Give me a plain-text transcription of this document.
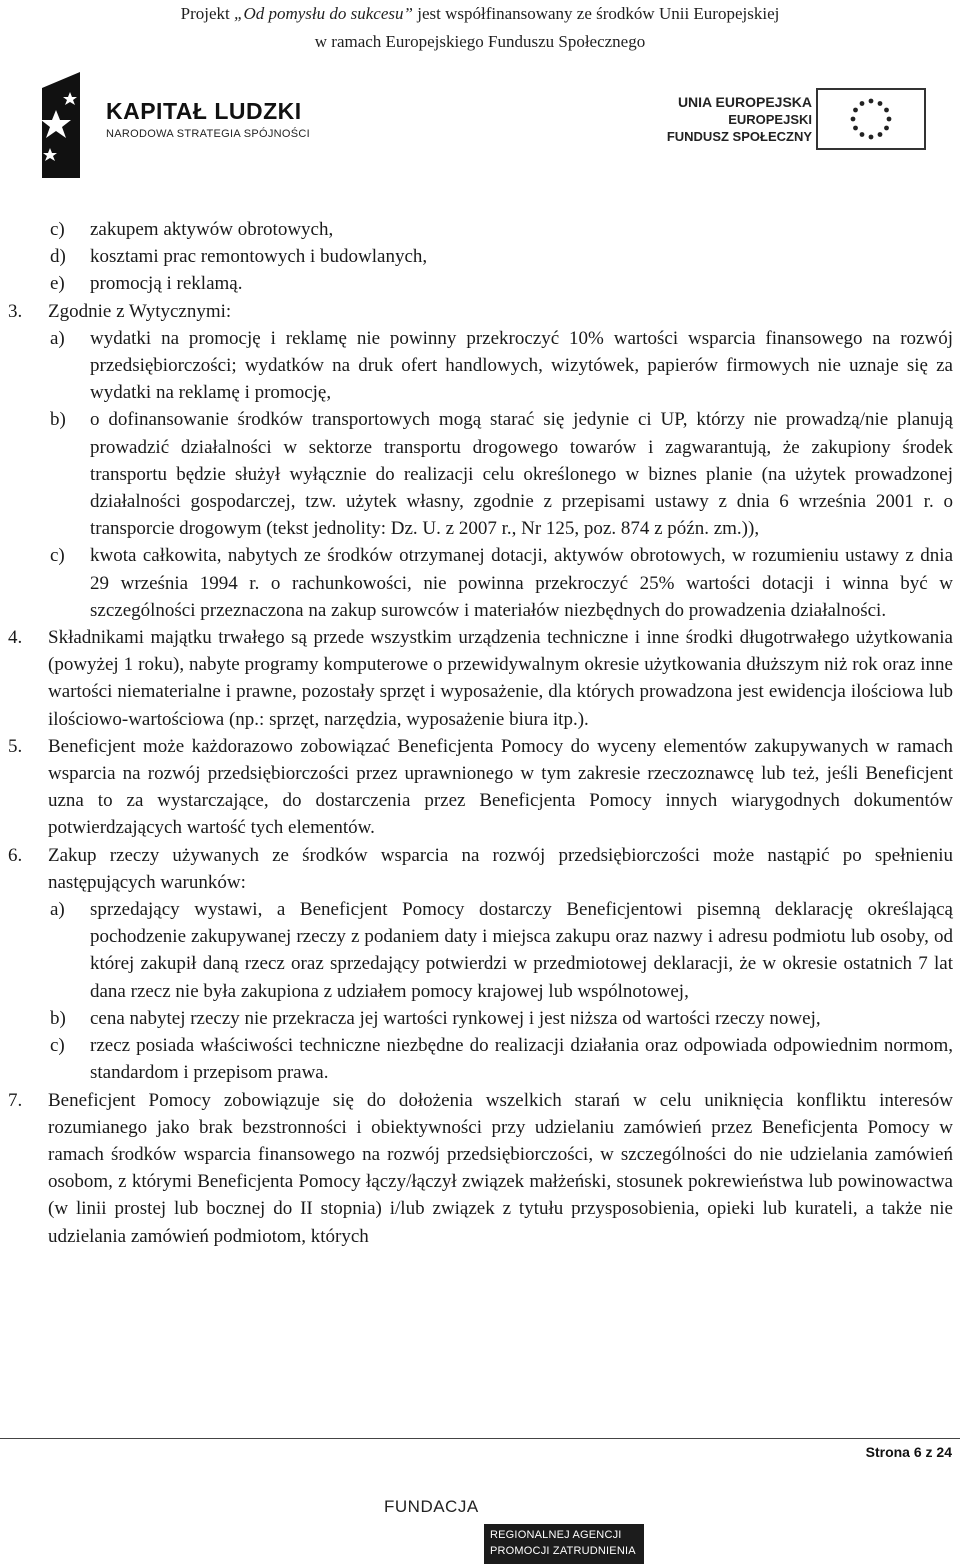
Projekt „Od pomysłu do sukcesu” jest współfinansowany ze środków Unii Europejskiej
w ramach Europejskiego Funduszu Społecznego
KAPITAŁ LUDZKI
NARODOWA STRATEGIA SPÓJNOŚCI
UNIA EUROPEJSKA
EUROPEJSKI
FUNDUSZ SPOŁECZNY
c) zakupem aktywów obrotowych,
d) kosztami prac remontowych i budowlanych,
e) promocją i reklamą.
3. Zgodnie z Wytycznymi:
a) wydatki na promocję i reklamę nie powinny przekroczyć 10% wartości wsparcia finansowego na rozwój przedsiębiorczości; wydatków na druk ofert handlowych, wizytówek, papierów firmowych nie uznaje się za wydatki na reklamę i promocję,
b) o dofinansowanie środków transportowych mogą starać się jedynie ci UP, którzy nie prowadzą/nie planują prowadzić działalności w sektorze transportu drogowego towarów i zagwarantują, że zakupiony środek transportu będzie służył wyłącznie do realizacji celu określonego w biznes planie (na użytek prowadzonej działalności gospodarczej, tzw. użytek własny, zgodnie z przepisami ustawy z dnia 6 września 2001 r. o transporcie drogowym (tekst jednolity: Dz. U. z 2007 r., Nr 125, poz. 874 z późn. zm.)),
c) kwota całkowita, nabytych ze środków otrzymanej dotacji, aktywów obrotowych, w rozumieniu ustawy z dnia 29 września 1994 r. o rachunkowości, nie powinna przekroczyć 25% wartości dotacji i winna być w szczególności przeznaczona na zakup surowców i materiałów niezbędnych do prowadzenia działalności.
4. Składnikami majątku trwałego są przede wszystkim urządzenia techniczne i inne środki długotrwałego użytkowania (powyżej 1 roku), nabyte programy komputerowe o przewidywalnym okresie użytkowania dłuższym niż rok oraz inne wartości niematerialne i prawne, pozostały sprzęt i wyposażenie, dla których prowadzona jest ewidencja ilościowa lub ilościowo-wartościowa (np.: sprzęt, narzędzia, wyposażenie biura itp.).
5. Beneficjent może każdorazowo zobowiązać Beneficjenta Pomocy do wyceny elementów zakupywanych w ramach wsparcia na rozwój przedsiębiorczości przez uprawnionego w tym zakresie rzeczoznawcę lub też, jeśli Beneficjent uzna to za wystarczające, do dostarczenia przez Beneficjenta Pomocy innych wiarygodnych dokumentów potwierdzających wartość tych elementów.
6. Zakup rzeczy używanych ze środków wsparcia na rozwój przedsiębiorczości może nastąpić po spełnieniu następujących warunków:
a) sprzedający wystawi, a Beneficjent Pomocy dostarczy Beneficjentowi pisemną deklarację określającą pochodzenie zakupywanej rzeczy z podaniem daty i miejsca zakupu oraz nazwy i adresu podmiotu lub osoby, od której zakupił daną rzecz oraz sprzedający potwierdzi w przedmiotowej deklaracji, że w okresie ostatnich 7 lat dana rzecz nie była zakupiona z udziałem pomocy krajowej lub wspólnotowej,
b) cena nabytej rzeczy nie przekracza jej wartości rynkowej i jest niższa od wartości rzeczy nowej,
c) rzecz posiada właściwości techniczne niezbędne do realizacji działania oraz odpowiada odpowiednim normom, standardom i przepisom prawa.
7. Beneficjent Pomocy zobowiązuje się do dołożenia wszelkich starań w celu uniknięcia konfliktu interesów rozumianego jako brak bezstronności i obiektywności przy udzielaniu zamówień przez Beneficjenta Pomocy w ramach środków wsparcia finansowego na rozwój przedsiębiorczości, w szczególności do nie udzielania zamówień osobom, z którymi Beneficjenta Pomocy łączy/łączył związek małżeński, stosunek pokrewieństwa lub powinowactwa (w linii prostej lub bocznej do II stopnia) i/lub związek z tytułu przysposobienia, opieki lub kurateli, a także nie udzielania zamówień podmiotom, których
Strona 6 z 24
FUNDACJA
REGIONALNEJ AGENCJI
PROMOCJI ZATRUDNIENIA
